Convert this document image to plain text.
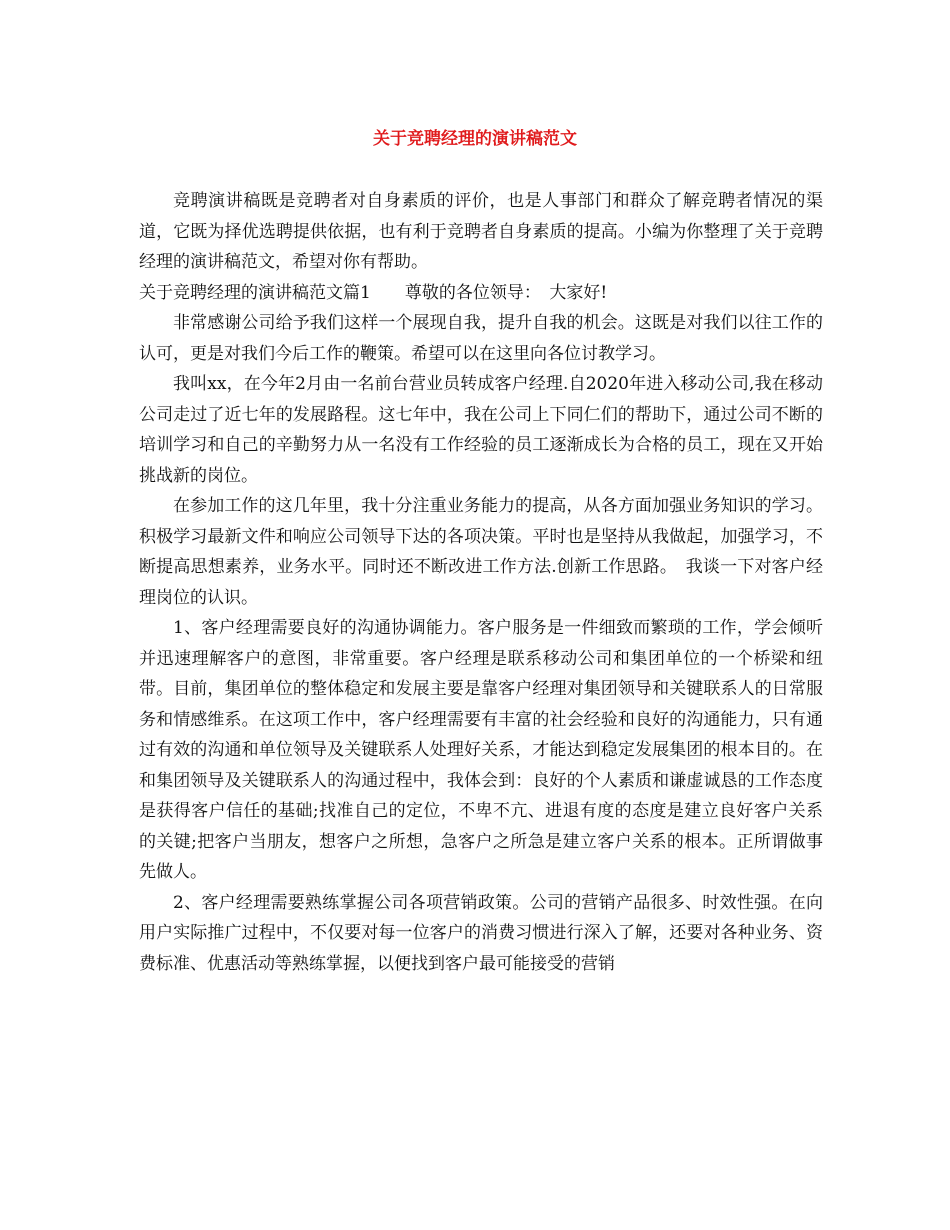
关于竞聘经理的演讲稿范文

竞聘演讲稿既是竞聘者对自身素质的评价，也是人事部门和群众了解竞聘者情况的渠道，它既为择优选聘提供依据，也有利于竞聘者自身素质的提高。小编为你整理了关于竞聘经理的演讲稿范文，希望对你有帮助。

关于竞聘经理的演讲稿范文篇1　　尊敬的各位领导：　大家好!

非常感谢公司给予我们这样一个展现自我，提升自我的机会。这既是对我们以往工作的认可，更是对我们今后工作的鞭策。希望可以在这里向各位讨教学习。

我叫xx，在今年2月由一名前台营业员转成客户经理.自2020年进入移动公司,我在移动公司走过了近七年的发展路程。这七年中，我在公司上下同仁们的帮助下，通过公司不断的培训学习和自己的辛勤努力从一名没有工作经验的员工逐渐成长为合格的员工，现在又开始挑战新的岗位。

在参加工作的这几年里，我十分注重业务能力的提高，从各方面加强业务知识的学习。积极学习最新文件和响应公司领导下达的各项决策。平时也是坚持从我做起，加强学习，不断提高思想素养，业务水平。同时还不断改进工作方法.创新工作思路。　我谈一下对客户经理岗位的认识。

1、客户经理需要良好的沟通协调能力。客户服务是一件细致而繁琐的工作，学会倾听并迅速理解客户的意图，非常重要。客户经理是联系移动公司和集团单位的一个桥梁和纽带。目前，集团单位的整体稳定和发展主要是靠客户经理对集团领导和关键联系人的日常服务和情感维系。在这项工作中，客户经理需要有丰富的社会经验和良好的沟通能力，只有通过有效的沟通和单位领导及关键联系人处理好关系，才能达到稳定发展集团的根本目的。在和集团领导及关键联系人的沟通过程中，我体会到：良好的个人素质和谦虚诚恳的工作态度是获得客户信任的基础;找准自己的定位，不卑不亢、进退有度的态度是建立良好客户关系的关键;把客户当朋友，想客户之所想，急客户之所急是建立客户关系的根本。正所谓做事先做人。

2、客户经理需要熟练掌握公司各项营销政策。公司的营销产品很多、时效性强。在向用户实际推广过程中，不仅要对每一位客户的消费习惯进行深入了解，还要对各种业务、资费标准、优惠活动等熟练掌握，以便找到客户最可能接受的营销
